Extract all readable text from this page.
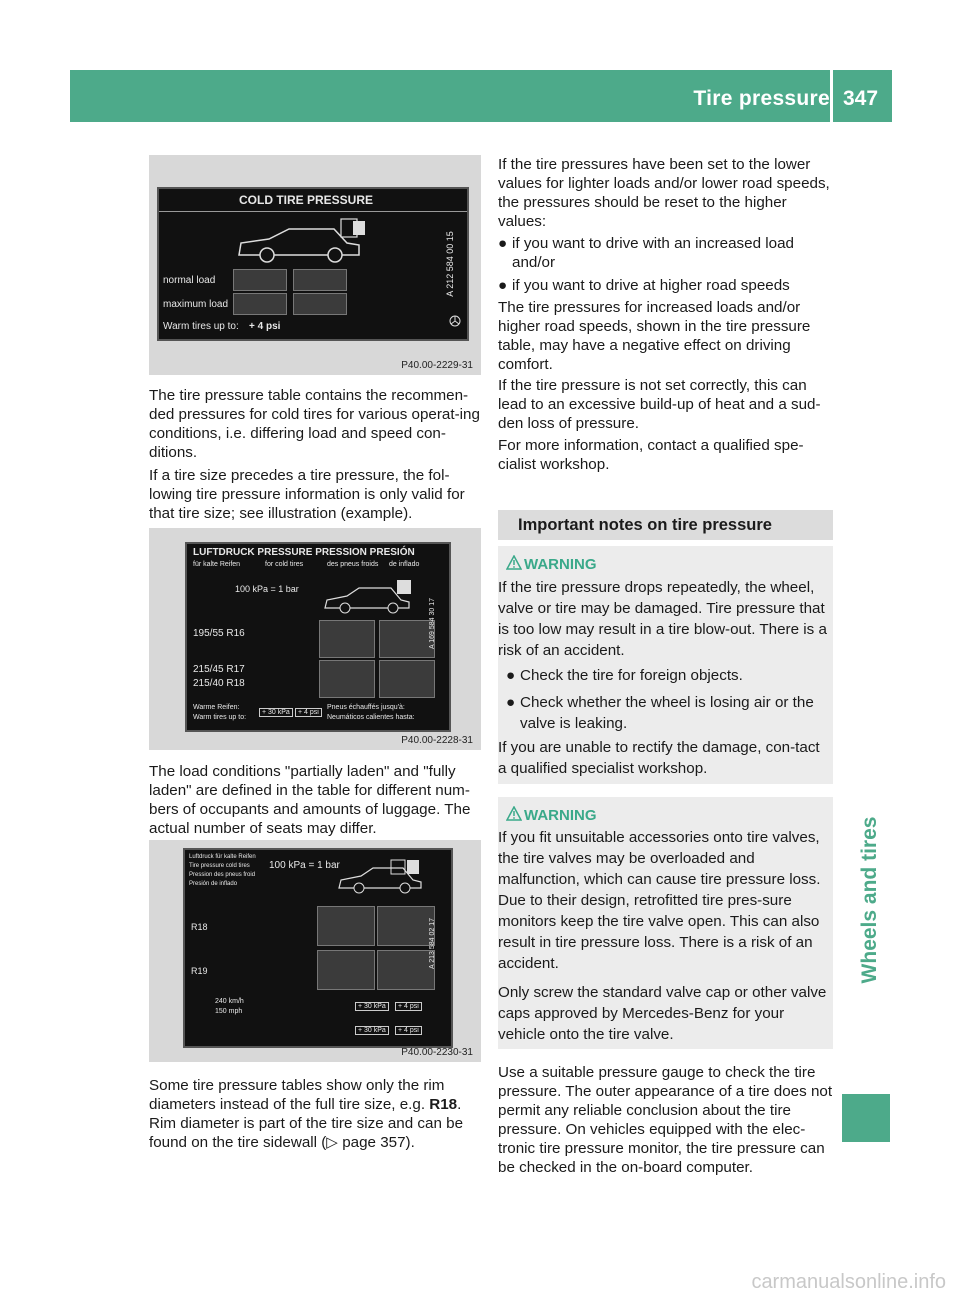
Tire pressure 347
Wheels and tires
COLD TIRE PRESSURE
normal load
maximum load
Warm tires up to: + 4 psi
A 212 584 00 15
P40.00-2229-31

The tire pressure table contains the recommen-ded pressures for cold tires for various operat-ing conditions, i.e. differing load and speed con-ditions.

If a tire size precedes a tire pressure, the fol-lowing tire pressure information is only valid for that tire size; see illustration (example).

LUFTDRUCK PRESSURE PRESSION PRESIÓN
für kalte Reifen	for cold tires	des pneus froids de inflado
100 kPa = 1 bar
195/55 R16
215/45 R17
215/40 R18
Warme Reifen:
Warm tires up to:
+ 30 kPa	+ 4 psi
Pneus échauffés jusqu'à:
Neumáticos calientes hasta:
A 169 584 30 17
P40.00-2228-31

The load conditions "partially laden" and "fully laden" are defined in the table for different num-bers of occupants and amounts of luggage. The actual number of seats may differ.

Luftdruck für kalte Reifen
Tire pressure cold tires
Pression des pneus froid
Presión de inflado
100 kPa = 1 bar
R18
R19
240 km/h
150 mph
+ 30 kPa	+ 4 psi
+ 30 kPa	+ 4 psi
A 213 584 02 17
P40.00-2230-31

Some tire pressure tables show only the rim diameters instead of the full tire size, e.g. R18. Rim diameter is part of the tire size and can be found on the tire sidewall (▷ page 357).

If the tire pressures have been set to the lower values for lighter loads and/or lower road speeds, the pressures should be reset to the higher values:

● if you want to drive with an increased load and/or
● if you want to drive at higher road speeds

The tire pressures for increased loads and/or higher road speeds, shown in the tire pressure table, may have a negative effect on driving comfort.

If the tire pressure is not set correctly, this can lead to an excessive build-up of heat and a sud-den loss of pressure.

For more information, contact a qualified spe-cialist workshop.

Important notes on tire pressure
WARNING

If the tire pressure drops repeatedly, the wheel, valve or tire may be damaged. Tire pressure that is too low may result in a tire blow-out. There is a risk of an accident.

● Check the tire for foreign objects.
● Check whether the wheel is losing air or the valve is leaking.

If you are unable to rectify the damage, con-tact a qualified specialist workshop.

WARNING

If you fit unsuitable accessories onto tire valves, the tire valves may be overloaded and malfunction, which can cause tire pressure loss. Due to their design, retrofitted tire pres-sure monitors keep the tire valve open. This can also result in tire pressure loss. There is a risk of an accident.

Only screw the standard valve cap or other valve caps approved by Mercedes-Benz for your vehicle onto the tire valve.

Use a suitable pressure gauge to check the tire pressure. The outer appearance of a tire does not permit any reliable conclusion about the tire pressure. On vehicles equipped with the elec-tronic tire pressure monitor, the tire pressure can be checked in the on-board computer.

carmanualsonline.info
